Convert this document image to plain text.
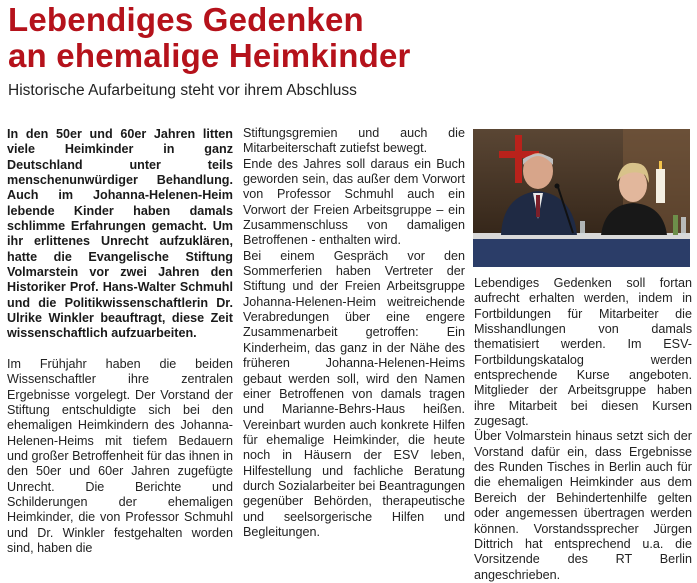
Lebendiges Gedenken
an ehemalige Heimkinder

Historische Aufarbeitung steht vor ihrem Abschluss

In den 50er und 60er Jahren litten viele Heimkinder in ganz Deutschland unter teils menschenunwürdiger Behandlung. Auch im Johanna-Helenen-Heim lebende Kinder haben damals schlimme Erfahrungen gemacht. Um ihr erlittenes Unrecht aufzuklären, hatte die Evangelische Stiftung Volmarstein vor zwei Jahren den Historiker Prof. Hans-Walter Schmuhl und die Politikwissenschaftlerin Dr. Ulrike Winkler beauftragt, diese Zeit wissenschaftlich aufzuarbeiten.

Im Frühjahr haben die beiden Wissenschaftler ihre zentralen Ergebnisse vorgelegt. Der Vorstand der Stiftung entschuldigte sich bei den ehemaligen Heimkindern des Johanna-Helenen-Heims mit tiefem Bedauern und großer Betroffenheit für das ihnen in den 50er und 60er Jahren zugefügte Unrecht. Die Berichte und Schilderungen der ehemaligen Heimkinder, die von Professor Schmuhl und Dr. Winkler festgehalten worden sind, haben die

Stiftungsgremien und auch die Mitarbeiterschaft zutiefst bewegt.

Ende des Jahres soll daraus ein Buch geworden sein, das außer dem Vorwort von Professor Schmuhl auch ein Vorwort der Freien Arbeitsgruppe – ein Zusammenschluss von damaligen Betroffenen - enthalten wird.

Bei einem Gespräch vor den Sommerferien haben Vertreter der Stiftung und der Freien Arbeitsgruppe Johanna-Helenen-Heim weitreichende Verabredungen über eine engere Zusammenarbeit getroffen: Ein Kinderheim, das ganz in der Nähe des früheren Johanna-Helenen-Heims gebaut werden soll, wird den Namen einer Betroffenen von damals tragen und Marianne-Behrs-Haus heißen. Vereinbart wurden auch konkrete Hilfen für ehemalige Heimkinder, die heute noch in Häusern der ESV leben, Hilfestellung und fachliche Beratung durch Sozialarbeiter bei Beantragungen gegenüber Behörden, therapeutische und seelsorgerische Hilfen und Begleitungen.

Lebendiges Gedenken soll fortan aufrecht erhalten werden, indem in Fortbildungen für Mitarbeiter die Misshandlungen von damals thematisiert werden. Im ESV-Fortbildungskatalog werden entsprechende Kurse angeboten. Mitglieder der Arbeitsgruppe haben ihre Mitarbeit bei diesen Kursen zugesagt.

Über Volmarstein hinaus setzt sich der Vorstand dafür ein, dass Ergebnisse des Runden Tisches in Berlin auch für die ehemaligen Heimkinder aus dem Bereich der Behindertenhilfe gelten oder angemessen übertragen werden können. Vorstandssprecher Jürgen Dittrich hat entsprechend u.a. die Vorsitzende des RT Berlin angeschrieben.
